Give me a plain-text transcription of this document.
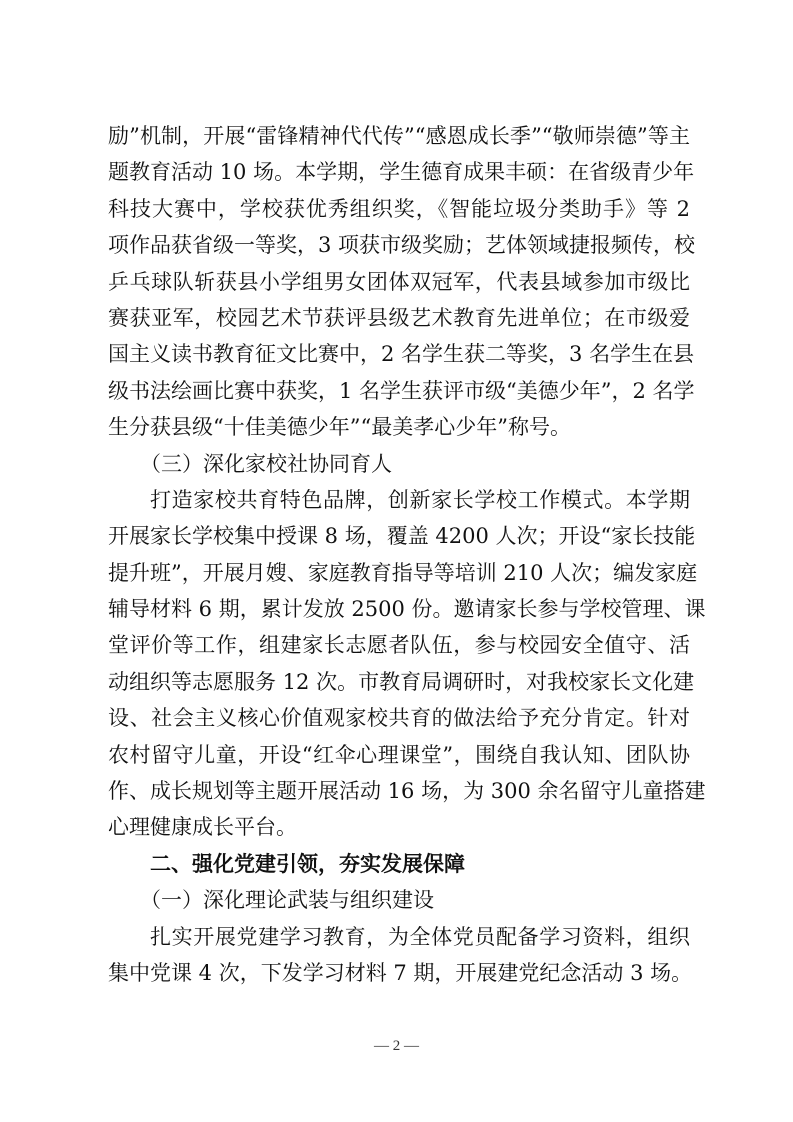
励”机制，开展“雷锋精神代代传”“感恩成长季”“敬师崇德”等主
题教育活动 10 场。本学期，学生德育成果丰硕：在省级青少年
科技大赛中，学校获优秀组织奖，《智能垃圾分类助手》等 2
项作品获省级一等奖，3 项获市级奖励；艺体领域捷报频传，校
乒乓球队斩获县小学组男女团体双冠军，代表县域参加市级比
赛获亚军，校园艺术节获评县级艺术教育先进单位；在市级爱
国主义读书教育征文比赛中，2 名学生获二等奖，3 名学生在县
级书法绘画比赛中获奖，1 名学生获评市级“美德少年”，2 名学
生分获县级“十佳美德少年”“最美孝心少年”称号。
（三）深化家校社协同育人
打造家校共育特色品牌，创新家长学校工作模式。本学期
开展家长学校集中授课 8 场，覆盖 4200 人次；开设“家长技能
提升班”，开展月嫂、家庭教育指导等培训 210 人次；编发家庭
辅导材料 6 期，累计发放 2500 份。邀请家长参与学校管理、课
堂评价等工作，组建家长志愿者队伍，参与校园安全值守、活
动组织等志愿服务 12 次。市教育局调研时，对我校家长文化建
设、社会主义核心价值观家校共育的做法给予充分肯定。针对
农村留守儿童，开设“红伞心理课堂”，围绕自我认知、团队协
作、成长规划等主题开展活动 16 场，为 300 余名留守儿童搭建
心理健康成长平台。
二、强化党建引领，夯实发展保障
（一）深化理论武装与组织建设
扎实开展党建学习教育，为全体党员配备学习资料，组织
集中党课 4 次，下发学习材料 7 期，开展建党纪念活动 3 场。
— 2 —
